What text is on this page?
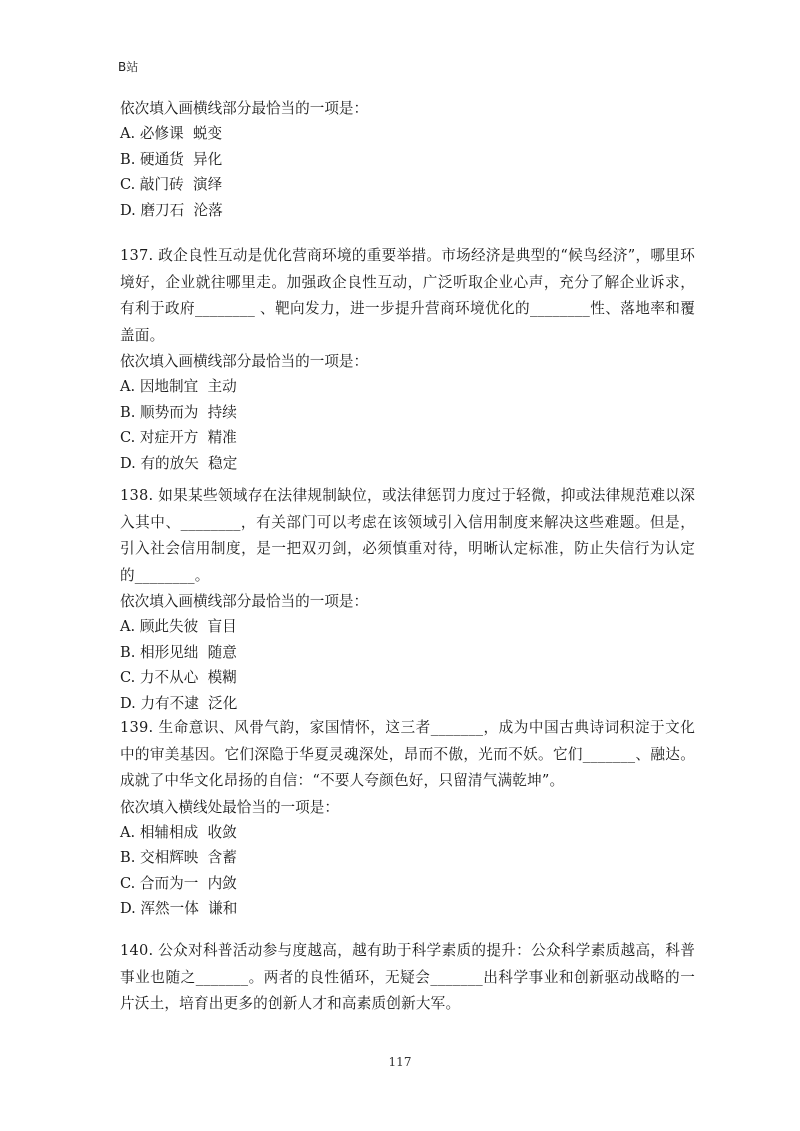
B站

依次填入画横线部分最恰当的一项是：

A. 必修课  蜕变
B. 硬通货  异化
C. 敲门砖  演绎
D. 磨刀石  沦落

137. 政企良性互动是优化营商环境的重要举措。市场经济是典型的“候鸟经济”，哪里环境好，企业就往哪里走。加强政企良性互动，广泛听取企业心声，充分了解企业诉求，有利于政府________ 、靶向发力，进一步提升营商环境优化的________性、落地率和覆盖面。

依次填入画横线部分最恰当的一项是：

A. 因地制宜  主动
B. 顺势而为  持续
C. 对症开方  精准
D. 有的放矢  稳定

138. 如果某些领域存在法律规制缺位，或法律惩罚力度过于轻微，抑或法律规范难以深入其中、________，有关部门可以考虑在该领域引入信用制度来解决这些难题。但是，引入社会信用制度，是一把双刃剑，必须慎重对待，明晰认定标准，防止失信行为认定的________。

依次填入画横线部分最恰当的一项是：

A. 顾此失彼  盲目
B. 相形见绌  随意
C. 力不从心  模糊
D. 力有不逮  泛化

139. 生命意识、风骨气韵，家国情怀，这三者_______，成为中国古典诗词积淀于文化中的审美基因。它们深隐于华夏灵魂深处，昂而不傲，光而不妖。它们_______、融达。成就了中华文化昂扬的自信：“不要人夸颜色好，只留清气满乾坤”。

依次填入横线处最恰当的一项是：

A. 相辅相成  收敛
B. 交相辉映  含蓄
C. 合而为一  内敛
D. 浑然一体  谦和

140. 公众对科普活动参与度越高，越有助于科学素质的提升：公众科学素质越高，科普事业也随之_______。两者的良性循环，无疑会_______出科学事业和创新驱动战略的一片沃土，培育出更多的创新人才和高素质创新大军。

117
